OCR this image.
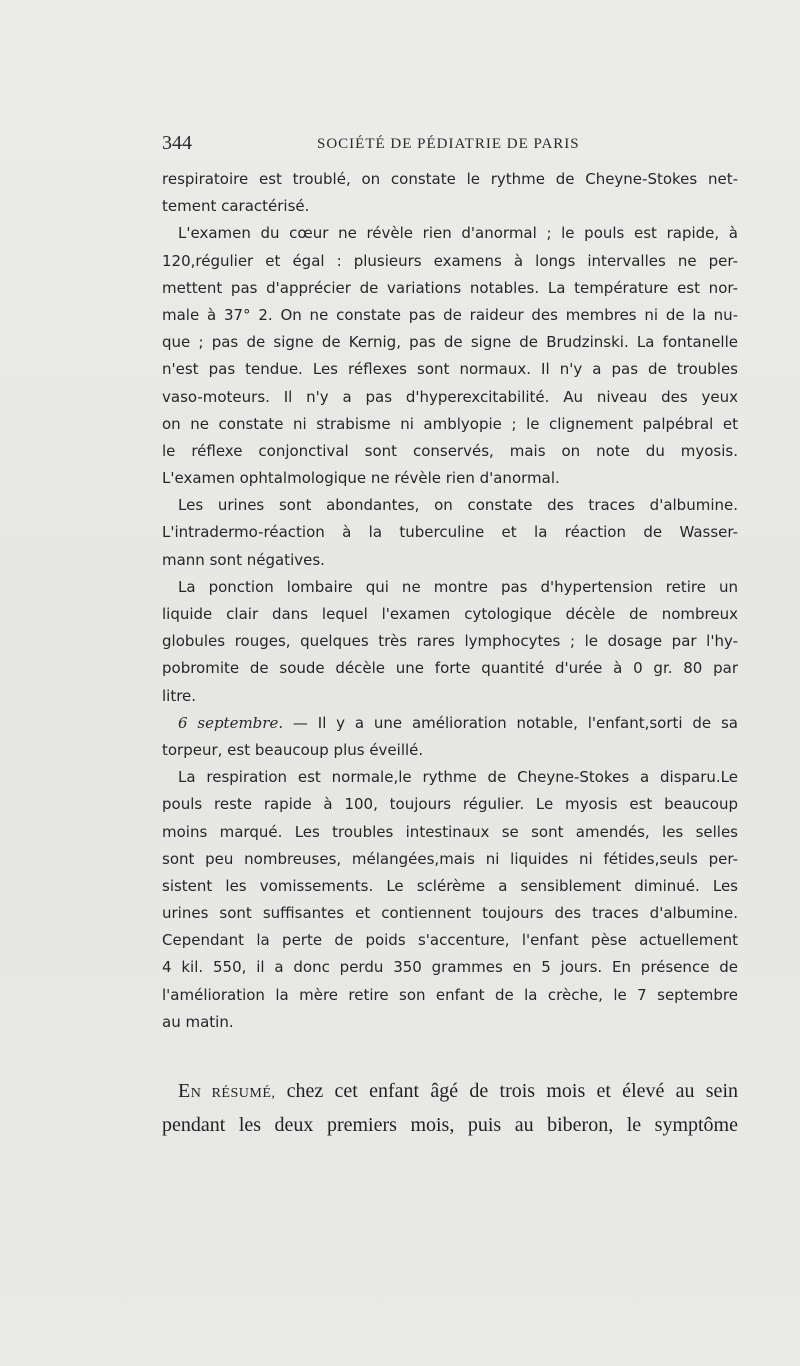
344	SOCIÉTÉ DE PÉDIATRIE DE PARIS
respiratoire est troublé, on constate le rythme de Cheyne-Stokes net-
tement caractérisé.
L'examen du cœur ne révèle rien d'anormal ; le pouls est rapide, à
120,régulier et égal : plusieurs examens à longs intervalles ne per-
mettent pas d'apprécier de variations notables. La température est nor-
male à 37° 2. On ne constate pas de raideur des membres ni de la nu-
que ; pas de signe de Kernig, pas de signe de Brudzinski. La fontanelle
n'est pas tendue. Les réflexes sont normaux. Il n'y a pas de troubles
vaso-moteurs. Il n'y a pas d'hyperexcitabilité. Au niveau des yeux
on ne constate ni strabisme ni amblyopie ; le clignement palpébral et
le réflexe conjonctival sont conservés, mais on note du myosis.
L'examen ophtalmologique ne révèle rien d'anormal.
Les urines sont abondantes, on constate des traces d'albumine.
L'intradermo-réaction à la tuberculine et la réaction de Wasser-
mann sont négatives.
La ponction lombaire qui ne montre pas d'hypertension retire un
liquide clair dans lequel l'examen cytologique décèle de nombreux
globules rouges, quelques très rares lymphocytes ; le dosage par l'hy-
pobromite de soude décèle une forte quantité d'urée à 0 gr. 80 par
litre.
6 septembre. — Il y a une amélioration notable, l'enfant,sorti de sa
torpeur, est beaucoup plus éveillé.
La respiration est normale,le rythme de Cheyne-Stokes a disparu.Le
pouls reste rapide à 100, toujours régulier. Le myosis est beaucoup
moins marqué. Les troubles intestinaux se sont amendés, les selles
sont peu nombreuses, mélangées,mais ni liquides ni fétides,seuls per-
sistent les vomissements. Le sclérème a sensiblement diminué. Les
urines sont suffisantes et contiennent toujours des traces d'albumine.
Cependant la perte de poids s'accenture, l'enfant pèse actuellement
4 kil. 550, il a donc perdu 350 grammes en 5 jours. En présence de
l'amélioration la mère retire son enfant de la crèche, le 7 septembre
au matin.
EN RÉSUMÉ, chez cet enfant âgé de trois mois et élevé au sein
pendant les deux premiers mois, puis au biberon, le symptôme
